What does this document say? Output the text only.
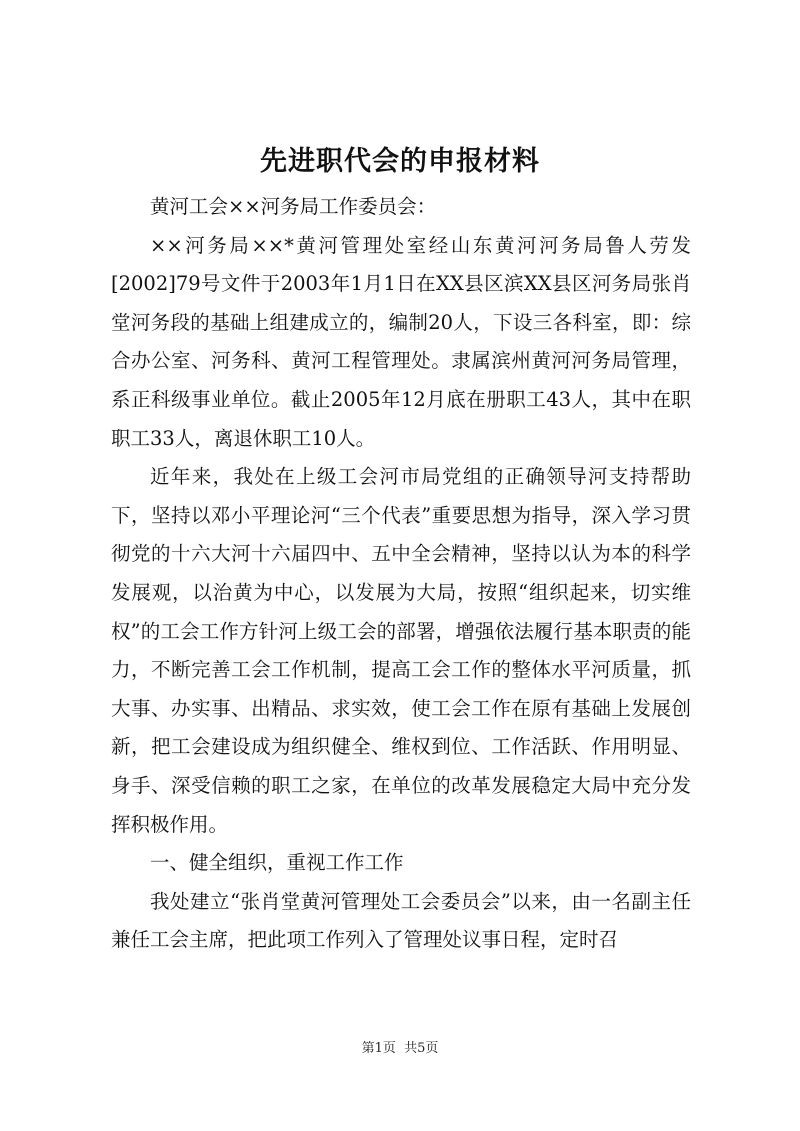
先进职代会的申报材料

黄河工会××河务局工作委员会：

××河务局××*黄河管理处室经山东黄河河务局鲁人劳发[2002]79号文件于2003年1月1日在XX县区滨XX县区河务局张肖堂河务段的基础上组建成立的，编制20人，下设三各科室，即：综合办公室、河务科、黄河工程管理处。隶属滨州黄河河务局管理，系正科级事业单位。截止2005年12月底在册职工43人，其中在职职工33人，离退休职工10人。

近年来，我处在上级工会河市局党组的正确领导河支持帮助下，坚持以邓小平理论河“三个代表”重要思想为指导，深入学习贯彻党的十六大河十六届四中、五中全会精神，坚持以认为本的科学发展观，以治黄为中心，以发展为大局，按照“组织起来，切实维权”的工会工作方针河上级工会的部署，增强依法履行基本职责的能力，不断完善工会工作机制，提高工会工作的整体水平河质量，抓大事、办实事、出精品、求实效，使工会工作在原有基础上发展创新，把工会建设成为组织健全、维权到位、工作活跃、作用明显、身手、深受信赖的职工之家，在单位的改革发展稳定大局中充分发挥积极作用。

一、健全组织，重视工作工作

我处建立“张肖堂黄河管理处工会委员会”以来，由一名副主任兼任工会主席，把此项工作列入了管理处议事日程，定时召

第1页 共5页
